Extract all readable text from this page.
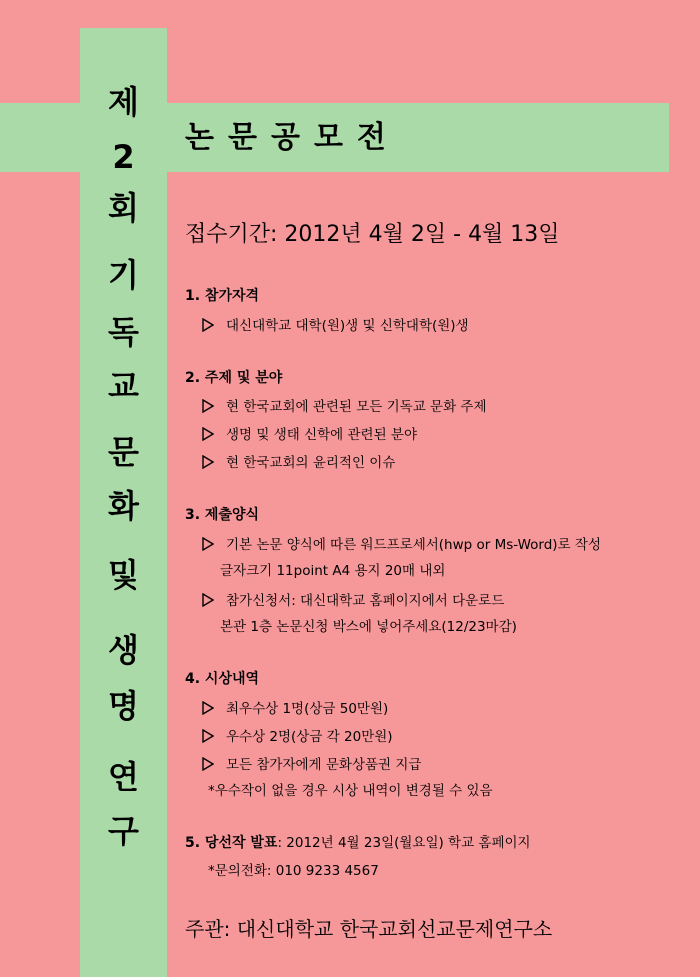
제
2
회
기
독
교
문
화
및
생
명
연
구
논문공모전
접수기간: 2012년 4월 2일 - 4월 13일
1. 참가자격
대신대학교 대학(원)생 및 신학대학(원)생
2. 주제 및 분야
현 한국교회에 관련된 모든 기독교 문화 주제
생명 및 생태 신학에 관련된 분야
현 한국교회의 윤리적인 이슈
3. 제출양식
기본 논문 양식에 따른 워드프로세서(hwp or Ms-Word)로 작성
글자크기 11point A4 용지 20매 내외
참가신청서: 대신대학교 홈페이지에서 다운로드
본관 1층 논문신청 박스에 넣어주세요(12/23마감)
4. 시상내역
최우수상 1명(상금 50만원)
우수상 2명(상금 각 20만원)
모든 참가자에게 문화상품권 지급
*우수작이 없을 경우 시상 내역이 변경될 수 있음
5. 당선작 발표: 2012년 4월 23일(월요일) 학교 홈페이지
*문의전화: 010 9233 4567
주관: 대신대학교 한국교회선교문제연구소
